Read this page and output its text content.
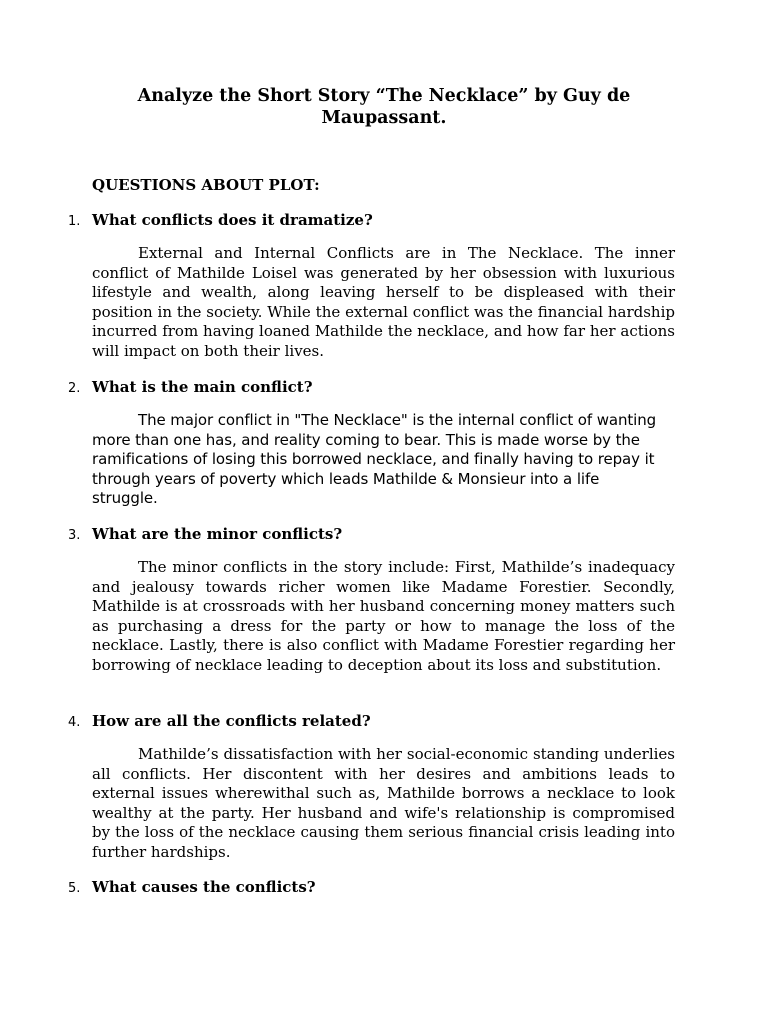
Analyze the Short Story “The Necklace” by Guy de Maupassant.
QUESTIONS ABOUT PLOT:
1. What conflicts does it dramatize?

External and Internal Conflicts are in The Necklace. The inner conflict of Mathilde Loisel was generated by her obsession with luxurious lifestyle and wealth, along leaving herself to be displeased with their position in the society. While the external conflict was the financial hardship incurred from having loaned Mathilde the necklace, and how far her actions will impact on both their lives.

2. What is the main conflict?

The major conflict in "The Necklace" is the internal conflict of wanting more than one has, and reality coming to bear. This is made worse by the ramifications of losing this borrowed necklace, and finally having to repay it through years of poverty which leads Mathilde & Monsieur into a life struggle.

3. What are the minor conflicts?

The minor conflicts in the story include: First, Mathilde’s inadequacy and jealousy towards richer women like Madame Forestier. Secondly, Mathilde is at crossroads with her husband concerning money matters such as purchasing a dress for the party or how to manage the loss of the necklace. Lastly, there is also conflict with Madame Forestier regarding her borrowing of necklace leading to deception about its loss and substitution.

4. How are all the conflicts related?

Mathilde’s dissatisfaction with her social-economic standing underlies all conflicts. Her discontent with her desires and ambitions leads to external issues wherewithal such as, Mathilde borrows a necklace to look wealthy at the party. Her husband and wife's relationship is compromised by the loss of the necklace causing them serious financial crisis leading into further hardships.

5. What causes the conflicts?
